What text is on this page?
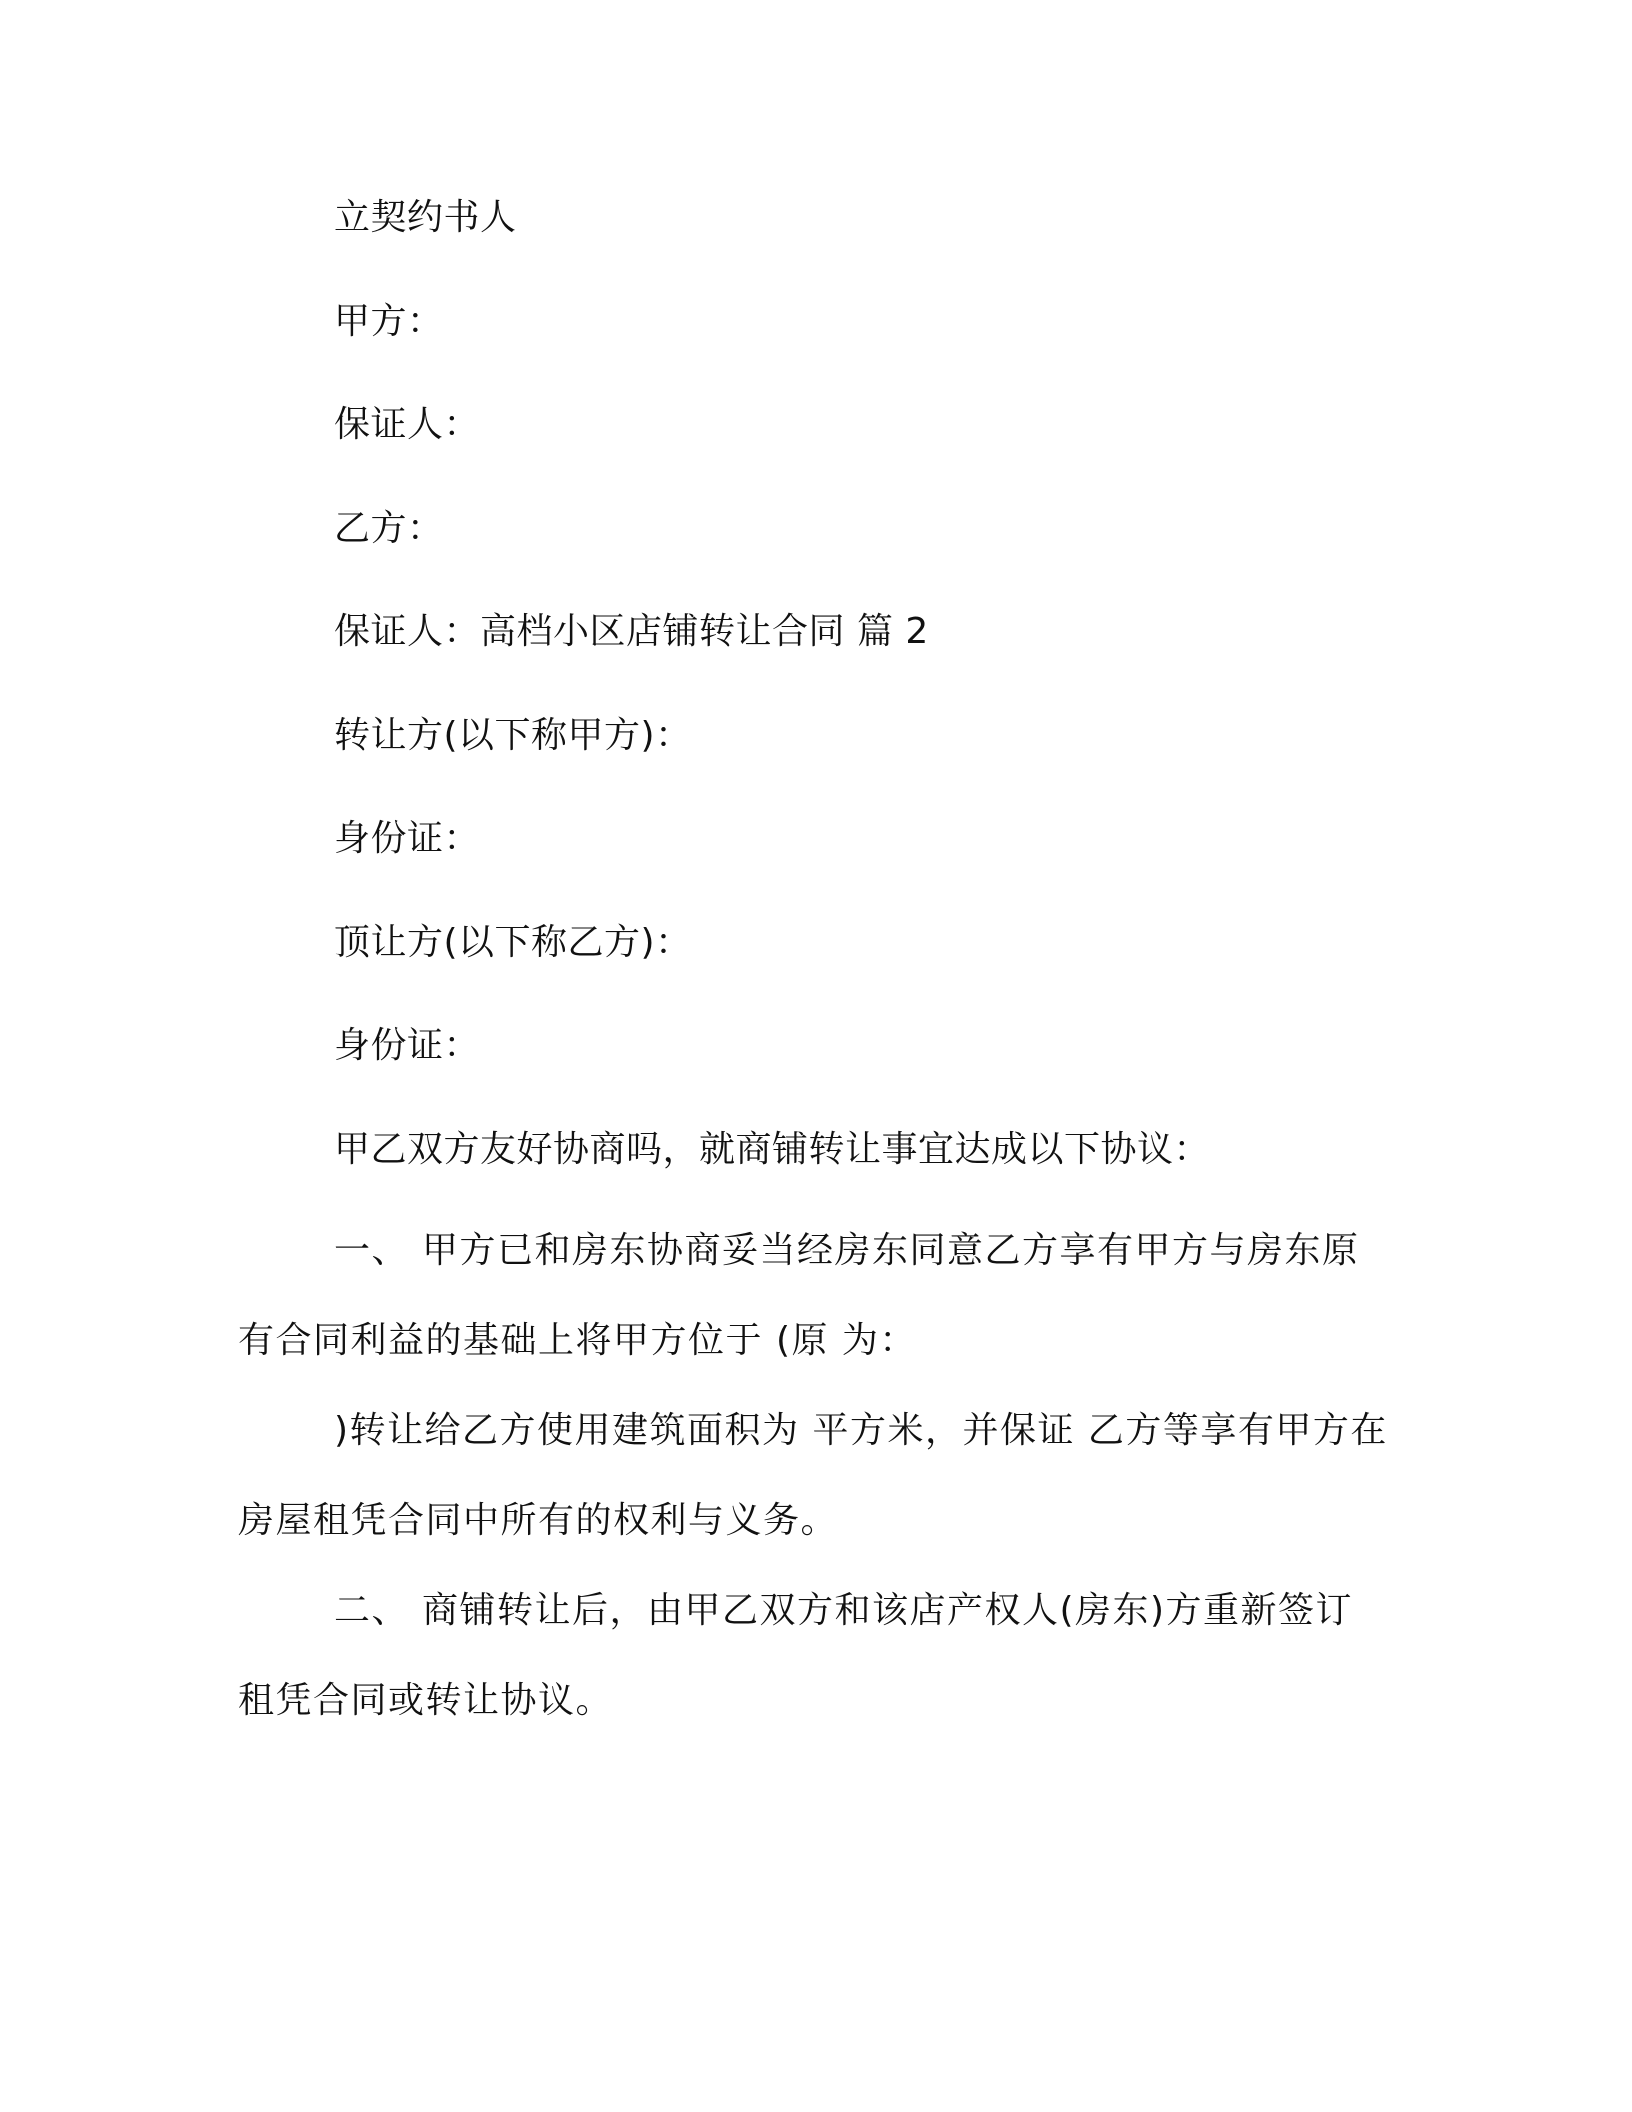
立契约书人
甲方：
保证人：
乙方：
保证人：高档小区店铺转让合同 篇 2
转让方(以下称甲方)：
身份证：
顶让方(以下称乙方)：
身份证：
甲乙双方友好协商吗，就商铺转让事宜达成以下协议：
一、 甲方已和房东协商妥当经房东同意乙方享有甲方与房东原有合同利益的基础上将甲方位于 (原 为：
)转让给乙方使用建筑面积为 平方米，并保证 乙方等享有甲方在房屋租凭合同中所有的权利与义务。
二、 商铺转让后，由甲乙双方和该店产权人(房东)方重新签订租凭合同或转让协议。
